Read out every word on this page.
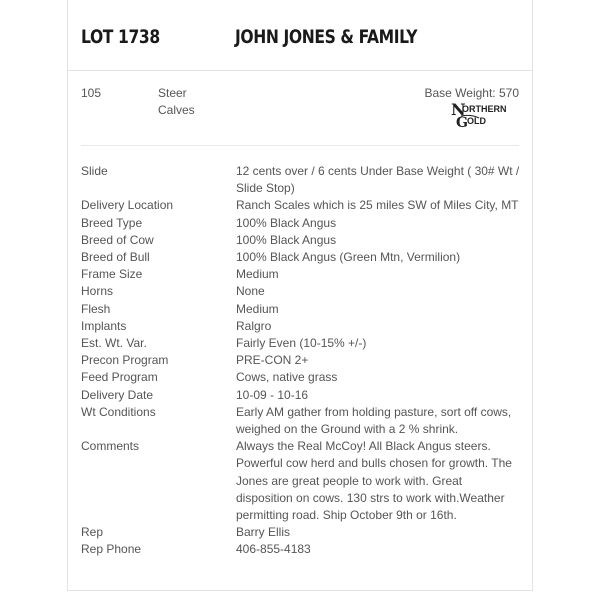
LOT 1738	JOHN JONES & FAMILY
105	Steer Calves
Base Weight: 570
N
ORTHERN
G OLD
Slide	12 cents over / 6 cents Under Base Weight ( 30# Wt / Slide Stop)
Delivery Location	Ranch Scales which is 25 miles SW of Miles City, MT
Breed Type	100% Black Angus
Breed of Cow	100% Black Angus
Breed of Bull	100% Black Angus (Green Mtn, Vermilion)
Frame Size	Medium
Horns	None
Flesh	Medium
Implants	Ralgro
Est. Wt. Var.	Fairly Even (10-15% +/-)
Precon Program	PRE-CON 2+
Feed Program	Cows, native grass
Delivery Date	10-09 - 10-16
Wt Conditions	Early AM gather from holding pasture, sort off cows, weighed on the Ground with a 2 % shrink.
Comments	Always the Real McCoy! All Black Angus steers. Powerful cow herd and bulls chosen for growth. The Jones are great people to work with. Great disposition on cows. 130 strs to work with.Weather permitting road. Ship October 9th or 16th.
Rep	Barry Ellis
Rep Phone	406-855-4183
